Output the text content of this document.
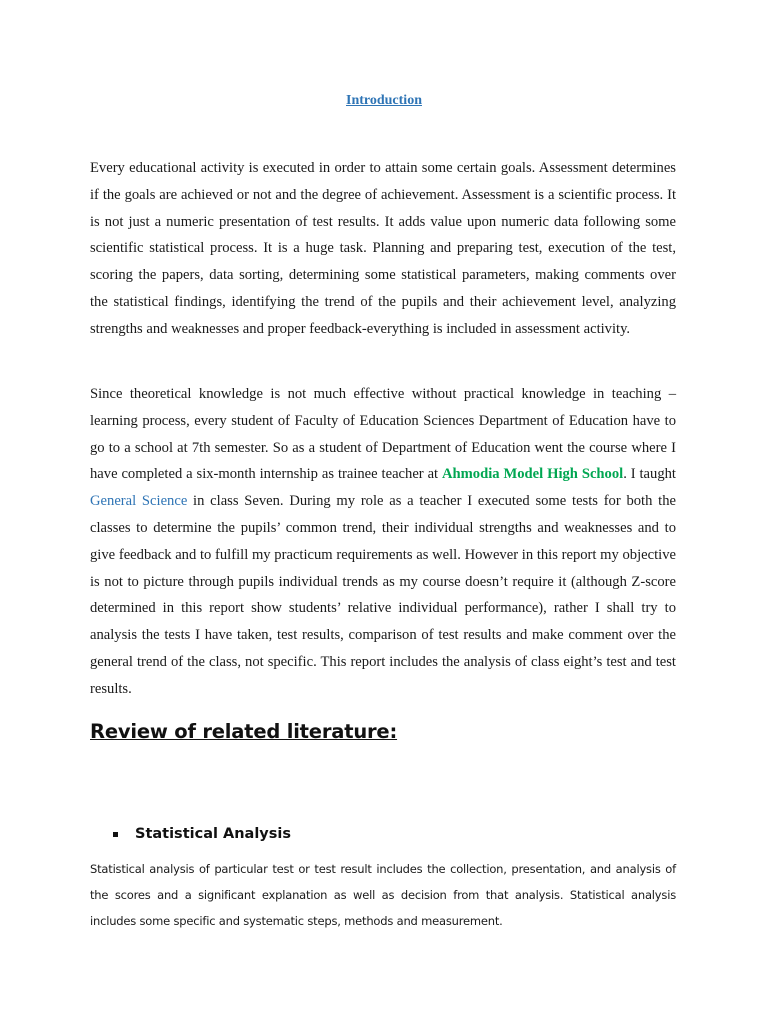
Introduction

Every educational activity is executed in order to attain some certain goals. Assessment determines if the goals are achieved or not and the degree of achievement. Assessment is a scientific process. It is not just a numeric presentation of test results. It adds value upon numeric data following some scientific statistical process. It is a huge task. Planning and preparing test, execution of the test, scoring the papers, data sorting, determining some statistical parameters, making comments over the statistical findings, identifying the trend of the pupils and their achievement level, analyzing strengths and weaknesses and proper feedback-everything is included in assessment activity.

Since theoretical knowledge is not much effective without practical knowledge in teaching – learning process, every student of Faculty of Education Sciences Department of Education have to go to a school at 7th semester. So as a student of Department of Education went the course where I have completed a six-month internship as trainee teacher at Ahmodia Model High School. I taught General Science in class Seven. During my role as a teacher I executed some tests for both the classes to determine the pupils’ common trend, their individual strengths and weaknesses and to give feedback and to fulfill my practicum requirements as well. However in this report my objective is not to picture through pupils individual trends as my course doesn’t require it (although Z-score determined in this report show students’ relative individual performance), rather I shall try to analysis the tests I have taken, test results, comparison of test results and make comment over the general trend of the class, not specific. This report includes the analysis of class eight’s test and test results.

Review of related literature:
Statistical Analysis

Statistical analysis of particular test or test result includes the collection, presentation, and analysis of the scores and a significant explanation as well as decision from that analysis. Statistical analysis includes some specific and systematic steps, methods and measurement.
